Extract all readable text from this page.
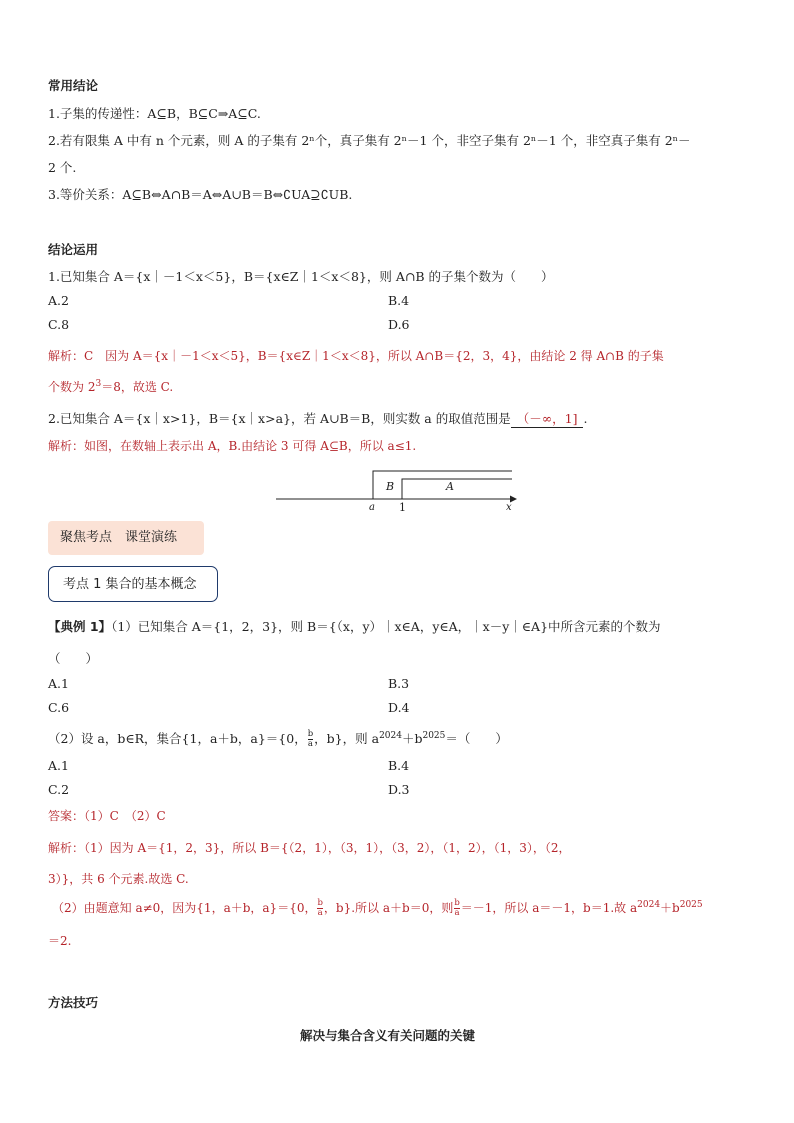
常用结论
1.子集的传递性：A⊆B，B⊆C⇒A⊆C.
2.若有限集 A 中有 n 个元素，则 A 的子集有 2ⁿ个，真子集有 2ⁿ－1 个，非空子集有 2ⁿ－1 个，非空真子集有 2ⁿ－
2 个.
3.等价关系：A⊆B⇔A∩B＝A⇔A∪B＝B⇔∁UA⊇∁UB.
结论运用
1.已知集合 A＝{x｜－1＜x＜5}，B＝{x∈Z｜1＜x＜8}，则 A∩B 的子集个数为（　　）
A.2	B.4
C.8	D.6
解析：C　因为 A＝{x｜－1＜x＜5}，B＝{x∈Z｜1＜x＜8}，所以 A∩B＝{2，3，4}，由结论 2 得 A∩B 的子集
个数为 $2^3=8$，故选 C.
2.已知集合 A＝{x｜x>1}，B＝{x｜x>a}，若 A∪B＝B，则实数 a 的取值范围是 （－∞，1] .
解析：如图，在数轴上表示出 A，B.由结论 3 可得 A⊆B，所以 a≤1.
B	A
a 1	x
聚焦考点　课堂演练
考点 1 集合的基本概念
【典例 1】（1）已知集合 A＝{1，2，3}，则 B＝{（x，y）｜x∈A，y∈A，｜x－y｜∈A}中所含元素的个数为
（　　）
A.1	B.3
C.6	D.4
（2）设 a，b∈R，集合{1，a＋b，a}＝{0， $\frac{b}{a}$ ，b}，则 $a^{2024}+b^{2025}=$（　　）
A.1	B.4
C.2	D.3
答案：（1）C　（2）C
解析：（1）因为 A＝{1，2，3}，所以 B＝{（2，1），（3，1），（3，2），（1，2），（1，3），（2，
3）}，共 6 个元素.故选 C.
（2）由题意知 a≠0，因为{1，a＋b，a}＝{0， $\frac{b}{a}$ ，b}.所以 a＋b＝0，则 $\frac{b}{a} =-1$，所以 a＝－1，b＝1.故 $a^{2024}+b^{2025}$
＝2.
方法技巧
解决与集合含义有关问题的关键
